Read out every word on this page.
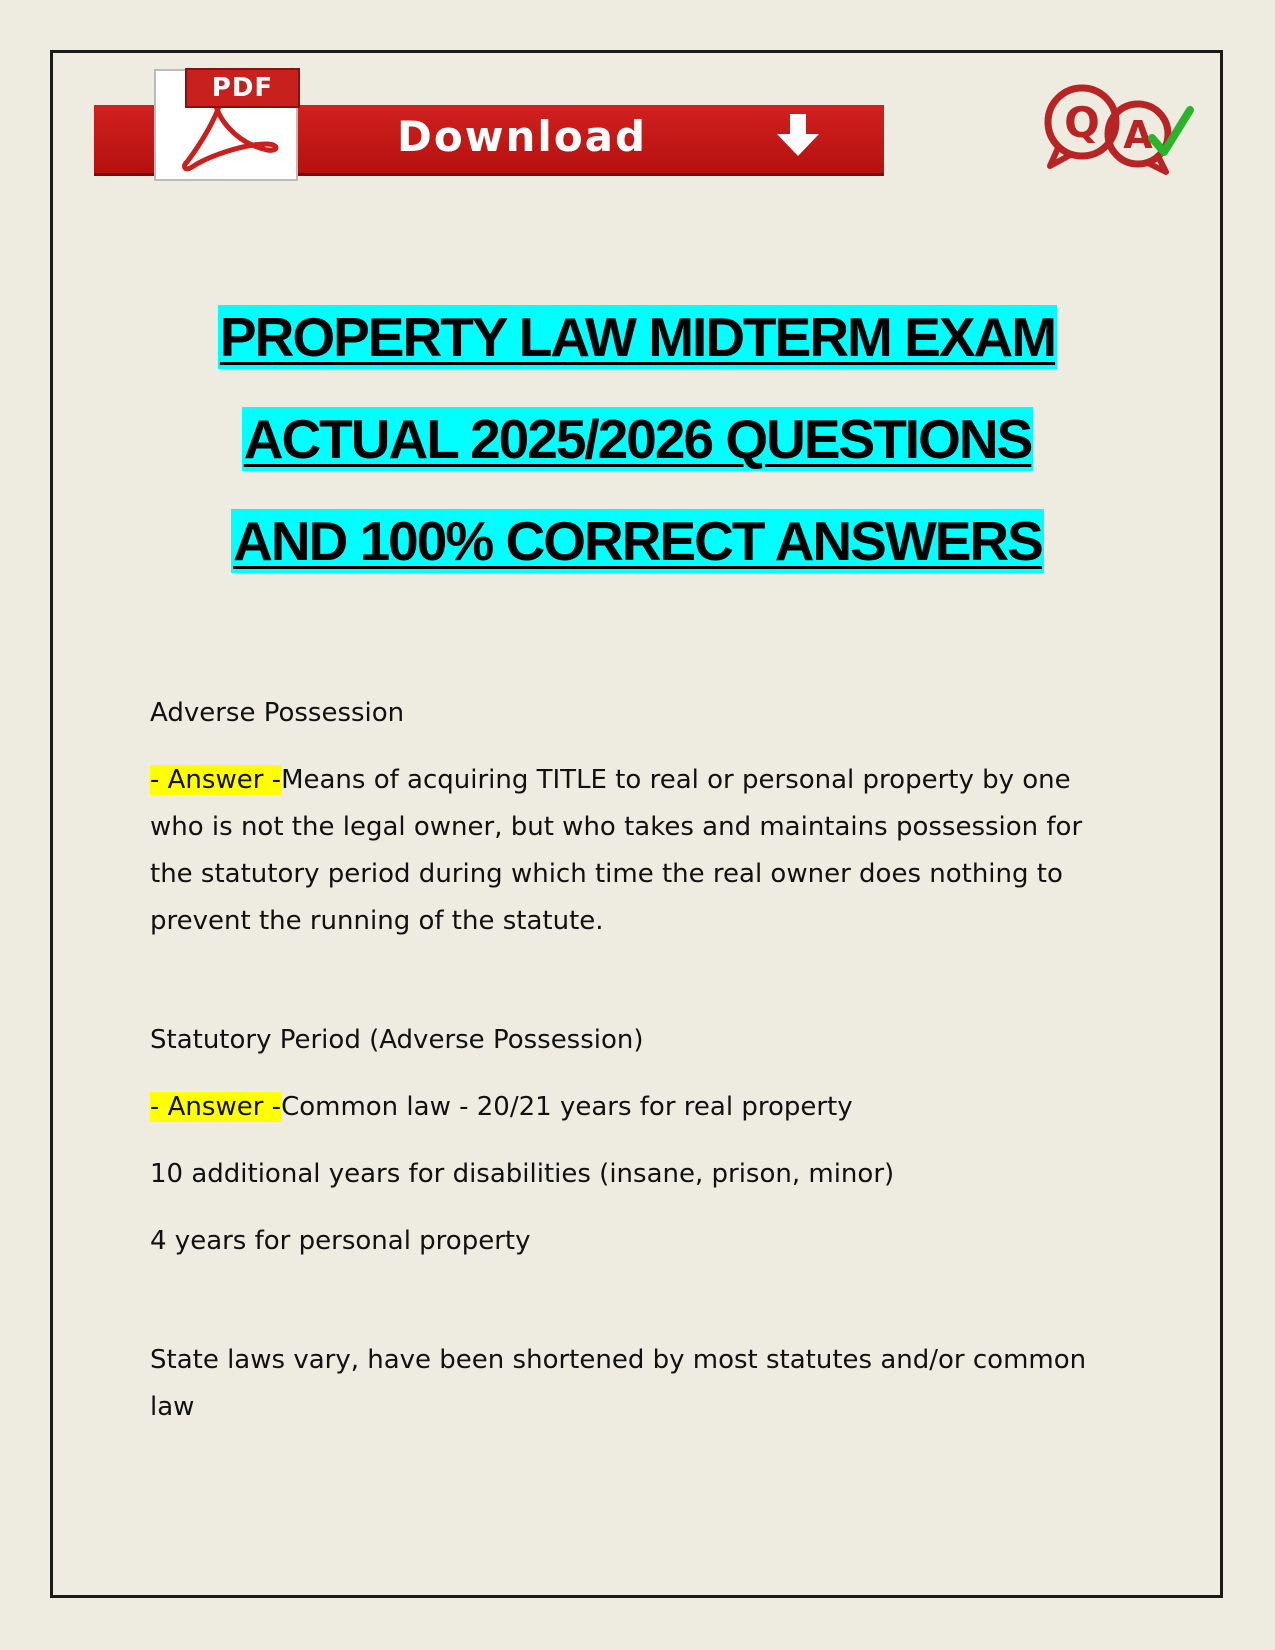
PDF
Download	Q A
PROPERTY LAW MIDTERM EXAM
ACTUAL 2025/2026 QUESTIONS
AND 100% CORRECT ANSWERS

Adverse Possession

- Answer -Means of acquiring TITLE to real or personal property by one who is not the legal owner, but who takes and maintains possession for the statutory period during which time the real owner does nothing to prevent the running of the statute.

Statutory Period (Adverse Possession)

- Answer -Common law - 20/21 years for real property

10 additional years for disabilities (insane, prison, minor)

4 years for personal property

State laws vary, have been shortened by most statutes and/or common law
